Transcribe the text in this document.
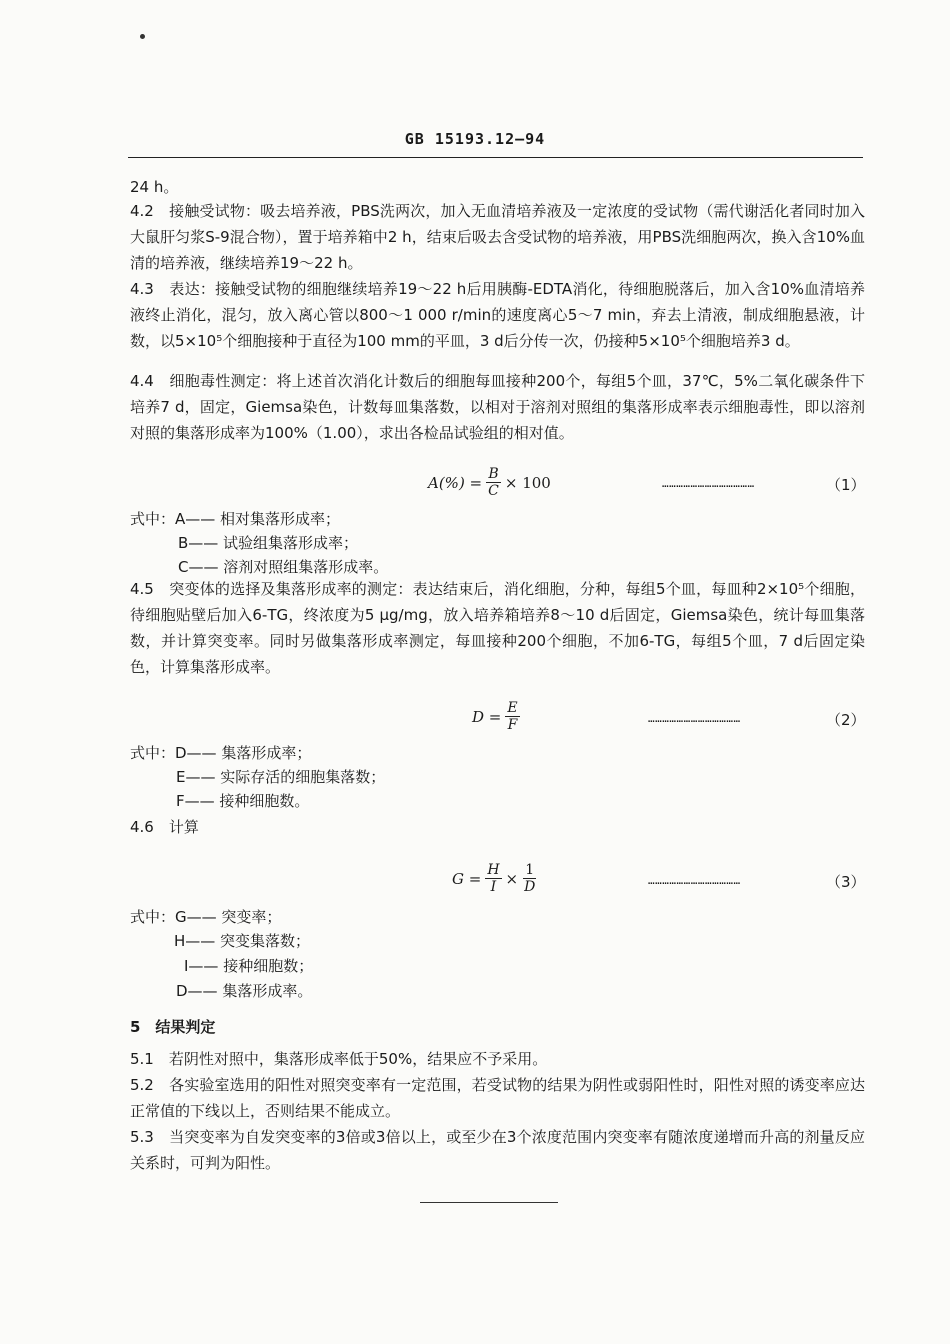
GB 15193.12—94
24 h。
4.2　接触受试物：吸去培养液，PBS洗两次，加入无血清培养液及一定浓度的受试物（需代谢活化者同时加入大鼠肝匀浆S-9混合物），置于培养箱中2 h，结束后吸去含受试物的培养液，用PBS洗细胞两次，换入含10%血清的培养液，继续培养19～22 h。
4.3　表达：接触受试物的细胞继续培养19～22 h后用胰酶-EDTA消化，待细胞脱落后，加入含10%血清培养液终止消化，混匀，放入离心管以800～1 000 r/min的速度离心5～7 min，弃去上清液，制成细胞悬液，计数，以5×10⁵个细胞接种于直径为100 mm的平皿，3 d后分传一次，仍接种5×10⁵个细胞培养3 d。
4.4　细胞毒性测定：将上述首次消化计数后的细胞每皿接种200个，每组5个皿，37℃，5%二氧化碳条件下培养7 d，固定，Giemsa染色，计数每皿集落数，以相对于溶剂对照组的集落形成率表示细胞毒性，即以溶剂对照的集落形成率为100%（1.00），求出各检品试验组的相对值。
$A(\%) = \frac{B}{C} \times 100$	…………………………………	（1）
式中：A—— 相对集落形成率；
B—— 试验组集落形成率；
C—— 溶剂对照组集落形成率。
4.5　突变体的选择及集落形成率的测定：表达结束后，消化细胞，分种，每组5个皿，每皿种2×10⁵个细胞，待细胞贴壁后加入6-TG，终浓度为5 μg/mg，放入培养箱培养8～10 d后固定，Giemsa染色，统计每皿集落数，并计算突变率。同时另做集落形成率测定，每皿接种200个细胞，不加6-TG，每组5个皿，7 d后固定染色，计算集落形成率。
$D = \frac{E}{F}$	…………………………………	（2）
式中：D—— 集落形成率；
E—— 实际存活的细胞集落数；
F—— 接种细胞数。
4.6　计算
$G = \frac{H}{I} \times \frac{1}{D}$	…………………………………	（3）
式中：G—— 突变率；
H—— 突变集落数；
I—— 接种细胞数；
D—— 集落形成率。
5　结果判定
5.1　若阴性对照中，集落形成率低于50%，结果应不予采用。
5.2　各实验室选用的阳性对照突变率有一定范围，若受试物的结果为阴性或弱阳性时，阳性对照的诱变率应达正常值的下线以上，否则结果不能成立。
5.3　当突变率为自发突变率的3倍或3倍以上，或至少在3个浓度范围内突变率有随浓度递增而升高的剂量反应关系时，可判为阳性。
